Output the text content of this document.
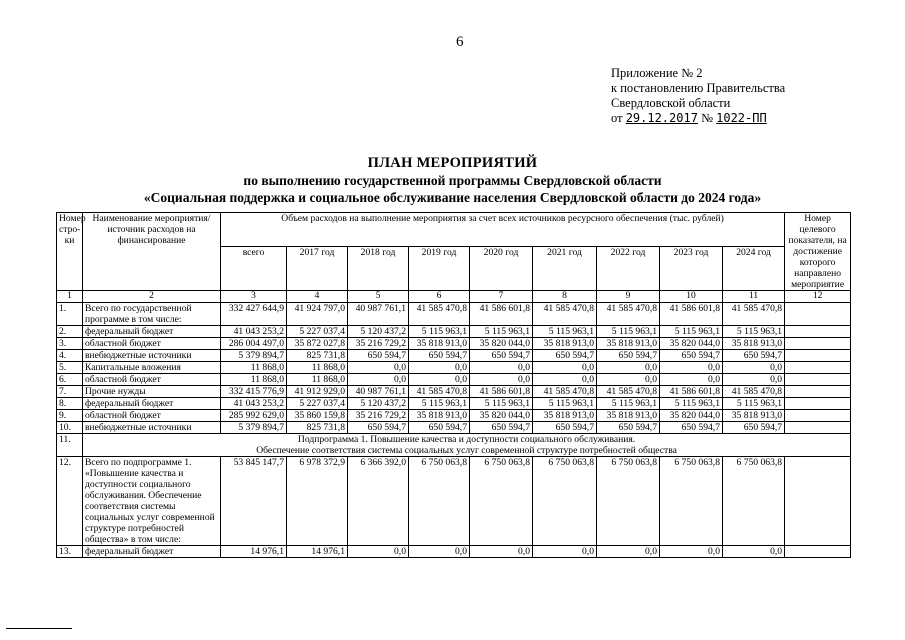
6
Приложение № 2
к постановлению Правительства
Свердловской области
от 29.12.2017 № 1022-ПП
ПЛАН МЕРОПРИЯТИЙ
по выполнению государственной программы Свердловской области
«Социальная поддержка и социальное обслуживание населения Свердловской области до 2024 года»
Номер стро-ки	Наименование мероприятия/ источник расходов на финансирование	Объем расходов на выполнение мероприятия за счет всех источников ресурсного обеспечения (тыс. рублей)									Номер целевого показателя, на достижение которого направлено мероприятие
		всего	2017 год	2018 год	2019 год	2020 год	2021 год	2022 год	2023 год	2024 год	
1	2	3	4	5	6	7	8	9	10	11	12
1.	Всего по государственной программе в том числе:	332 427 644,9	41 924 797,0	40 987 761,1	41 585 470,8	41 586 601,8	41 585 470,8	41 585 470,8	41 586 601,8	41 585 470,8	
2.	федеральный бюджет	41 043 253,2	5 227 037,4	5 120 437,2	5 115 963,1	5 115 963,1	5 115 963,1	5 115 963,1	5 115 963,1	5 115 963,1	
3.	областной бюджет	286 004 497,0	35 872 027,8	35 216 729,2	35 818 913,0	35 820 044,0	35 818 913,0	35 818 913,0	35 820 044,0	35 818 913,0	
4.	внебюджетные источники	5 379 894,7	825 731,8	650 594,7	650 594,7	650 594,7	650 594,7	650 594,7	650 594,7	650 594,7	
5.	Капитальные вложения	11 868,0	11 868,0	0,0	0,0	0,0	0,0	0,0	0,0	0,0	
6.	областной бюджет	11 868,0	11 868,0	0,0	0,0	0,0	0,0	0,0	0,0	0,0	
7.	Прочие нужды	332 415 776,9	41 912 929,0	40 987 761,1	41 585 470,8	41 586 601,8	41 585 470,8	41 585 470,8	41 586 601,8	41 585 470,8	
8.	федеральный бюджет	41 043 253,2	5 227 037,4	5 120 437,2	5 115 963,1	5 115 963,1	5 115 963,1	5 115 963,1	5 115 963,1	5 115 963,1	
9.	областной бюджет	285 992 629,0	35 860 159,8	35 216 729,2	35 818 913,0	35 820 044,0	35 818 913,0	35 818 913,0	35 820 044,0	35 818 913,0	
10.	внебюджетные источники	5 379 894,7	825 731,8	650 594,7	650 594,7	650 594,7	650 594,7	650 594,7	650 594,7	650 594,7	
11.	Подпрограмма 1. Повышение качества и доступности социального обслуживания.
Обеспечение соответствия системы социальных услуг современной структуре потребностей общества										

12.	Всего по подпрограмме 1. «Повышение качества и доступности социального обслуживания. Обеспечение соответствия системы социальных услуг современной структуре потребностей общества» в том числе:	53 845 147,7	6 978 372,9	6 366 392,0	6 750 063,8	6 750 063,8	6 750 063,8	6 750 063,8	6 750 063,8	6 750 063,8	
13.	федеральный бюджет	14 976,1	14 976,1	0,0	0,0	0,0	0,0	0,0	0,0	0,0	
